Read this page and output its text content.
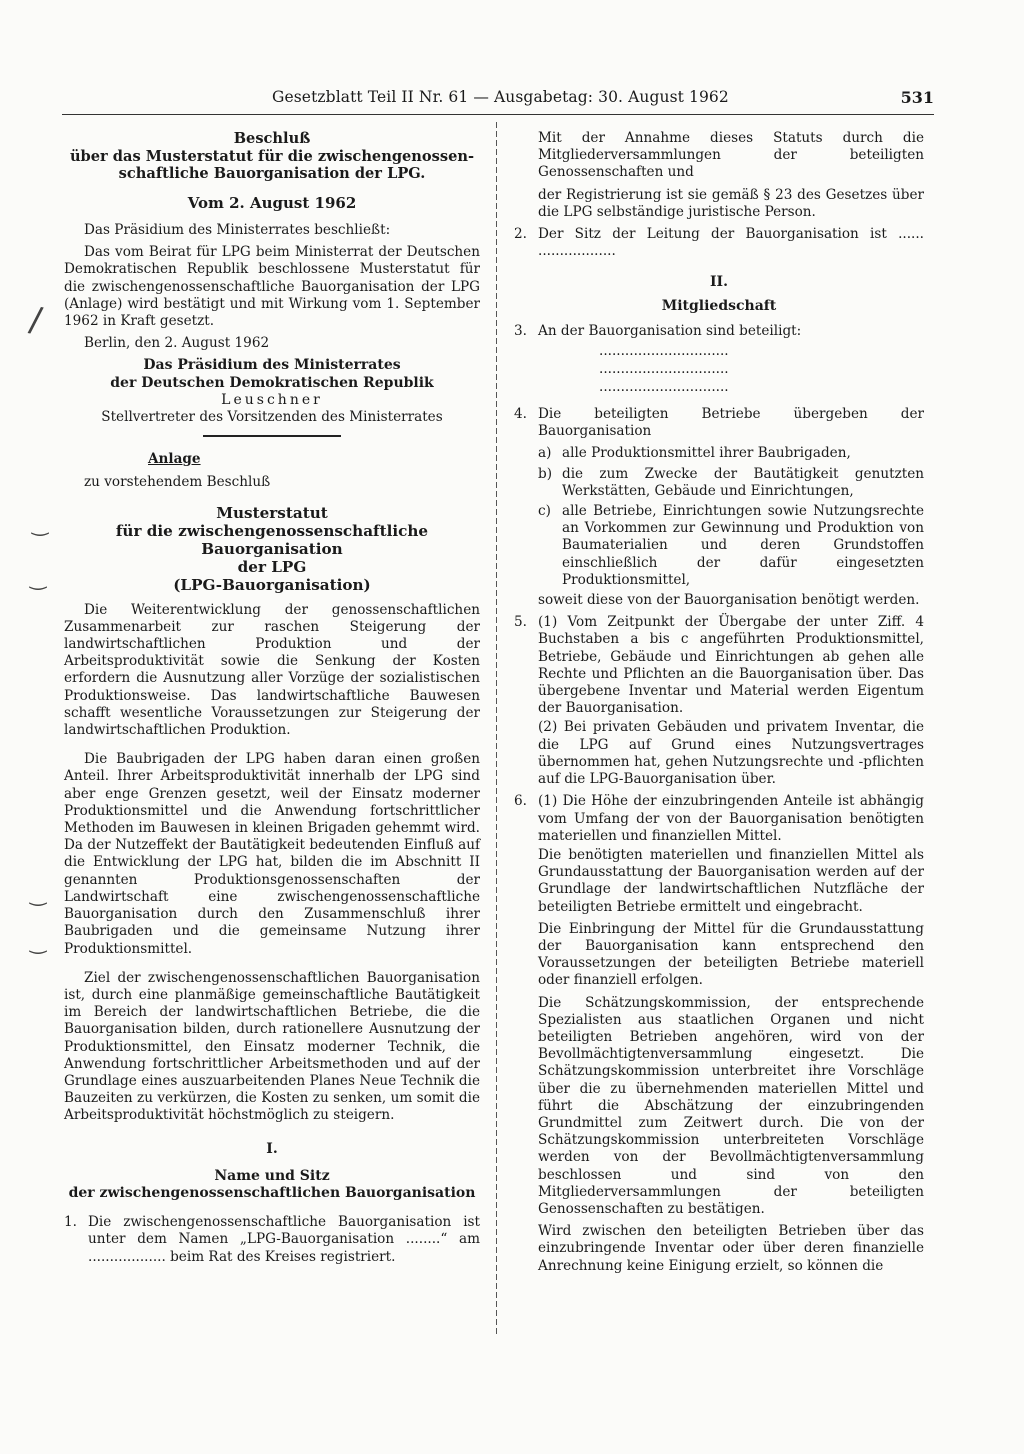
Gesetzblatt Teil II Nr. 61 — Ausgabetag: 30. August 1962	531
/
‿
‿
‿
‿
Beschluß
über das Musterstatut für die zwischengenossen-
schaftliche Bauorganisation der LPG.
Vom 2. August 1962

Das Präsidium des Ministerrates beschließt:

Das vom Beirat für LPG beim Ministerrat der Deutschen Demokratischen Republik beschlossene Musterstatut für die zwischengenossenschaftliche Bauorganisation der LPG (Anlage) wird bestätigt und mit Wirkung vom 1. September 1962 in Kraft gesetzt.

Berlin, den 2. August 1962

Das Präsidium des Ministerrates
der Deutschen Demokratischen Republik
Leuschner
Stellvertreter des Vorsitzenden des Ministerrates
Anlage

zu vorstehendem Beschluß

Musterstatut
für die zwischengenossenschaftliche Bauorganisation
der LPG
(LPG-Bauorganisation)

Die Weiterentwicklung der genossenschaftlichen Zusammenarbeit zur raschen Steigerung der landwirtschaftlichen Produktion und der Arbeitsproduktivität sowie die Senkung der Kosten erfordern die Ausnutzung aller Vorzüge der sozialistischen Produktionsweise. Das landwirtschaftliche Bauwesen schafft wesentliche Voraussetzungen zur Steigerung der landwirtschaftlichen Produktion.

Die Baubrigaden der LPG haben daran einen großen Anteil. Ihrer Arbeitsproduktivität innerhalb der LPG sind aber enge Grenzen gesetzt, weil der Einsatz moderner Produktionsmittel und die Anwendung fortschrittlicher Methoden im Bauwesen in kleinen Brigaden gehemmt wird. Da der Nutzeffekt der Bautätigkeit bedeutenden Einfluß auf die Entwicklung der LPG hat, bilden die im Abschnitt II genannten Produktionsgenossenschaften der Landwirtschaft eine zwischengenossenschaftliche Bauorganisation durch den Zusammenschluß ihrer Baubrigaden und die gemeinsame Nutzung ihrer Produktionsmittel.

Ziel der zwischengenossenschaftlichen Bauorganisation ist, durch eine planmäßige gemeinschaftliche Bautätigkeit im Bereich der landwirtschaftlichen Betriebe, die die Bauorganisation bilden, durch rationellere Ausnutzung der Produktionsmittel, den Einsatz moderner Technik, die Anwendung fortschrittlicher Arbeitsmethoden und auf der Grundlage eines auszuarbeitenden Planes Neue Technik die Bauzeiten zu verkürzen, die Kosten zu senken, um somit die Arbeitsproduktivität höchstmöglich zu steigern.

I.
Name und Sitz
der zwischengenossenschaftlichen Bauorganisation
1. Die zwischengenossenschaftliche Bauorganisation ist unter dem Namen „LPG-Bauorganisation ........“ am .................. beim Rat des Kreises registriert.

Mit der Annahme dieses Statuts durch die Mitgliederversammlungen der beteiligten Genossenschaften und

der Registrierung ist sie gemäß § 23 des Gesetzes über die LPG selbständige juristische Person.

2. Der Sitz der Leitung der Bauorganisation ist ...... ..................
II.
Mitgliedschaft
3. An der Bauorganisation sind beteiligt:
..............................
..............................
..............................
4. Die beteiligten Betriebe übergeben der Bauorganisation
a) alle Produktionsmittel ihrer Baubrigaden,
b) die zum Zwecke der Bautätigkeit genutzten Werkstätten, Gebäude und Einrichtungen,
c) alle Betriebe, Einrichtungen sowie Nutzungsrechte an Vorkommen zur Gewinnung und Produktion von Baumaterialien und deren Grundstoffen einschließlich der dafür eingesetzten Produktionsmittel,

soweit diese von der Bauorganisation benötigt werden.

5. (1) Vom Zeitpunkt der Übergabe der unter Ziff. 4 Buchstaben a bis c angeführten Produktionsmittel, Betriebe, Gebäude und Einrichtungen ab gehen alle Rechte und Pflichten an die Bauorganisation über. Das übergebene Inventar und Material werden Eigentum der Bauorganisation.

(2) Bei privaten Gebäuden und privatem Inventar, die die LPG auf Grund eines Nutzungsvertrages übernommen hat, gehen Nutzungsrechte und -pflichten auf die LPG-Bauorganisation über.

6. (1) Die Höhe der einzubringenden Anteile ist abhängig vom Umfang der von der Bauorganisation benötigten materiellen und finanziellen Mittel.

Die benötigten materiellen und finanziellen Mittel als Grundausstattung der Bauorganisation werden auf der Grundlage der landwirtschaftlichen Nutzfläche der beteiligten Betriebe ermittelt und eingebracht.

Die Einbringung der Mittel für die Grundausstattung der Bauorganisation kann entsprechend den Voraussetzungen der beteiligten Betriebe materiell oder finanziell erfolgen.

Die Schätzungskommission, der entsprechende Spezialisten aus staatlichen Organen und nicht beteiligten Betrieben angehören, wird von der Bevollmächtigtenversammlung eingesetzt. Die Schätzungskommission unterbreitet ihre Vorschläge über die zu übernehmenden materiellen Mittel und führt die Abschätzung der einzubringenden Grundmittel zum Zeitwert durch. Die von der Schätzungskommission unterbreiteten Vorschläge werden von der Bevollmächtigtenversammlung beschlossen und sind von den Mitgliederversammlungen der beteiligten Genossenschaften zu bestätigen.

Wird zwischen den beteiligten Betrieben über das einzubringende Inventar oder über deren finanzielle Anrechnung keine Einigung erzielt, so können die
